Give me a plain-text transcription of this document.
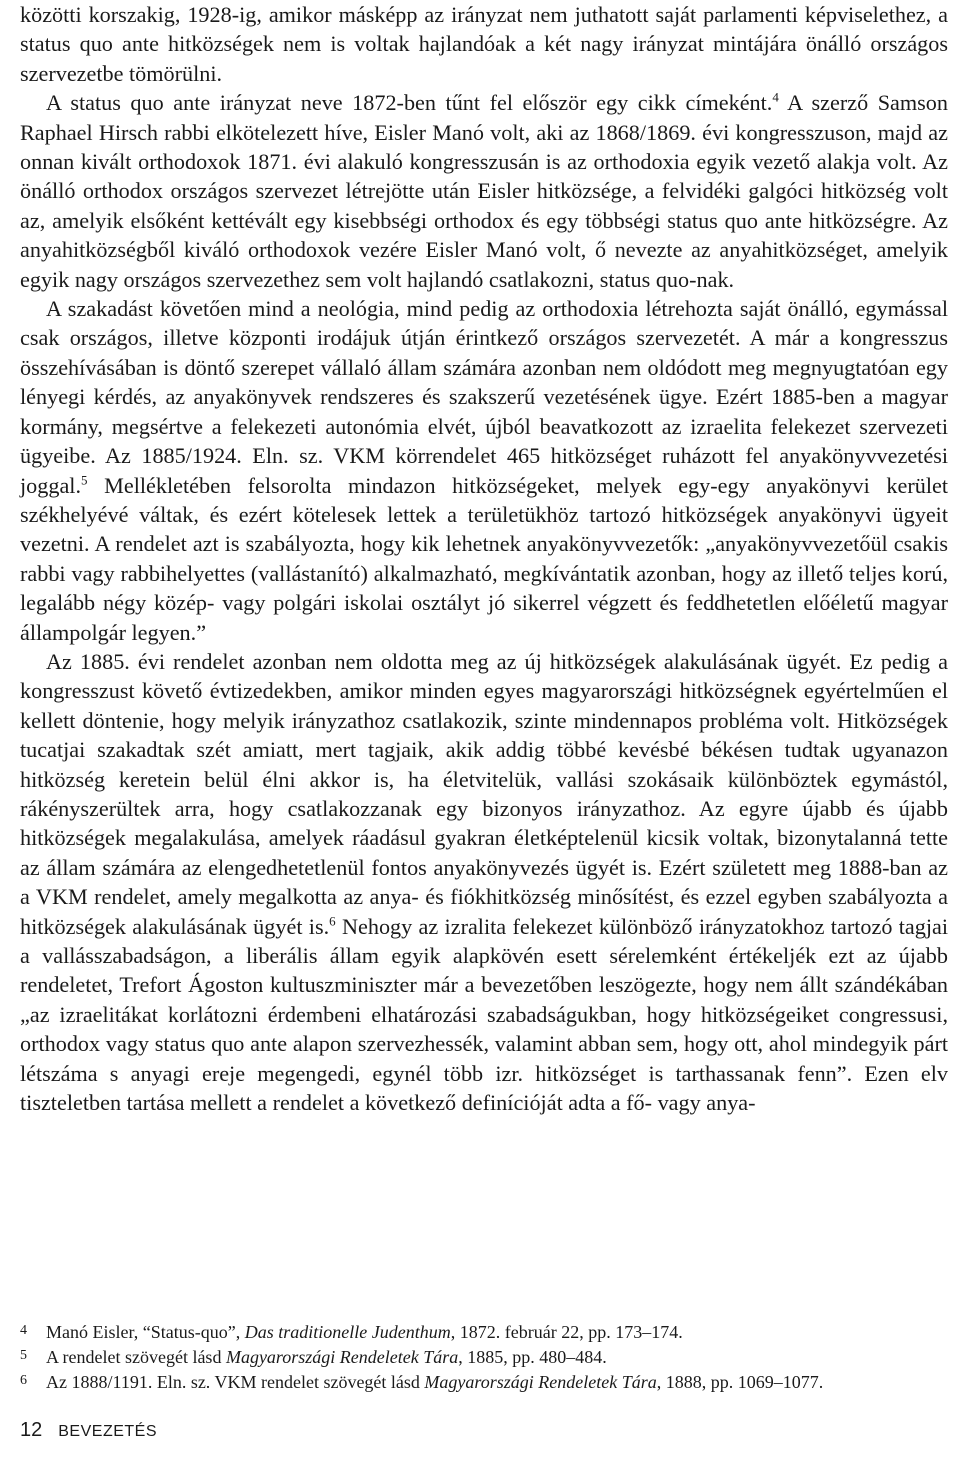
közötti korszakig, 1928-ig, amikor másképp az irányzat nem juthatott saját parlamenti képviselethez, a status quo ante hitközségek nem is voltak hajlandóak a két nagy irányzat mintájára önálló országos szervezetbe tömörülni.

A status quo ante irányzat neve 1872-ben tűnt fel először egy cikk címeként.$^4$ A szerző Samson Raphael Hirsch rabbi elkötelezett híve, Eisler Manó volt, aki az 1868/1869. évi kongresszuson, majd az onnan kivált orthodoxok 1871. évi alakuló kongresszusán is az orthodoxia egyik vezető alakja volt. Az önálló orthodox országos szervezet létrejötte után Eisler hitközsége, a felvidéki galgóci hitközség volt az, amelyik elsőként kettévált egy kisebbségi orthodox és egy többségi status quo ante hitközségre. Az anyahitközségből kiváló orthodoxok vezére Eisler Manó volt, ő nevezte az anyahitközséget, amelyik egyik nagy országos szervezethez sem volt hajlandó csatlakozni, status quo-nak.

A szakadást követően mind a neológia, mind pedig az orthodoxia létrehozta saját önálló, egymással csak országos, illetve központi irodájuk útján érintkező országos szervezetét. A már a kongresszus összehívásában is döntő szerepet vállaló állam számára azonban nem oldódott meg megnyugtatóan egy lényegi kérdés, az anyakönyvek rendszeres és szakszerű vezetésének ügye. Ezért 1885-ben a magyar kormány, megsértve a felekezeti autonómia elvét, újból beavatkozott az izraelita felekezet szervezeti ügyeibe. Az 1885/1924. Eln. sz. VKM körrendelet 465 hitközséget ruházott fel anyakönyvvezetési joggal.$^5$ Mellékletében felsorolta mindazon hitközségeket, melyek egy-egy anyakönyvi kerület székhelyévé váltak, és ezért kötelesek lettek a területükhöz tartozó hitközségek anyakönyvi ügyeit vezetni. A rendelet azt is szabályozta, hogy kik lehetnek anyakönyvvezetők: „anyakönyvvezetőül csakis rabbi vagy rabbihelyettes (vallástanító) alkalmazható, megkívántatik azonban, hogy az illető teljes korú, legalább négy közép- vagy polgári iskolai osztályt jó sikerrel végzett és feddhetetlen előéletű magyar állampolgár legyen.”

Az 1885. évi rendelet azonban nem oldotta meg az új hitközségek alakulásának ügyét. Ez pedig a kongresszust követő évtizedekben, amikor minden egyes magyarországi hitközségnek egyértelműen el kellett döntenie, hogy melyik irányzathoz csatlakozik, szinte mindennapos probléma volt. Hitközségek tucatjai szakadtak szét amiatt, mert tagjaik, akik addig többé kevésbé békésen tudtak ugyanazon hitközség keretein belül élni akkor is, ha életvitelük, vallási szokásaik különböztek egymástól, rákényszerültek arra, hogy csatlakozzanak egy bizonyos irányzathoz. Az egyre újabb és újabb hitközségek megalakulása, amelyek ráadásul gyakran életképtelenül kicsik voltak, bizonytalanná tette az állam számára az elengedhetetlenül fontos anyakönyvezés ügyét is. Ezért született meg 1888-ban az a VKM rendelet, amely megalkotta az anya- és fiókhitközség minősítést, és ezzel egyben szabályozta a hitközségek alakulásának ügyét is.$^6$ Nehogy az izralita felekezet különböző irányzatokhoz tartozó tagjai a vallásszabadságon, a liberális állam egyik alapkövén esett sérelemként értékeljék ezt az újabb rendeletet, Trefort Ágoston kultuszminiszter már a bevezetőben leszögezte, hogy nem állt szándékában „az izraelitákat korlátozni érdembeni elhatározási szabadságukban, hogy hitközségeiket congressusi, orthodox vagy status quo ante alapon szervezhessék, valamint abban sem, hogy ott, ahol mindegyik párt létszáma s anyagi ereje megengedi, egynél több izr. hitközséget is tarthassanak fenn”. Ezen elv tiszteletben tartása mellett a rendelet a következő definícióját adta a fő- vagy anya-

4 Manó Eisler, “Status-quo”, Das traditionelle Judenthum, 1872. február 22, pp. 173–174.

5 A rendelet szövegét lásd Magyarországi Rendeletek Tára, 1885, pp. 480–484.

6 Az 1888/1191. Eln. sz. VKM rendelet szövegét lásd Magyarországi Rendeletek Tára, 1888, pp. 1069–1077.

12 BEVEZETÉS
